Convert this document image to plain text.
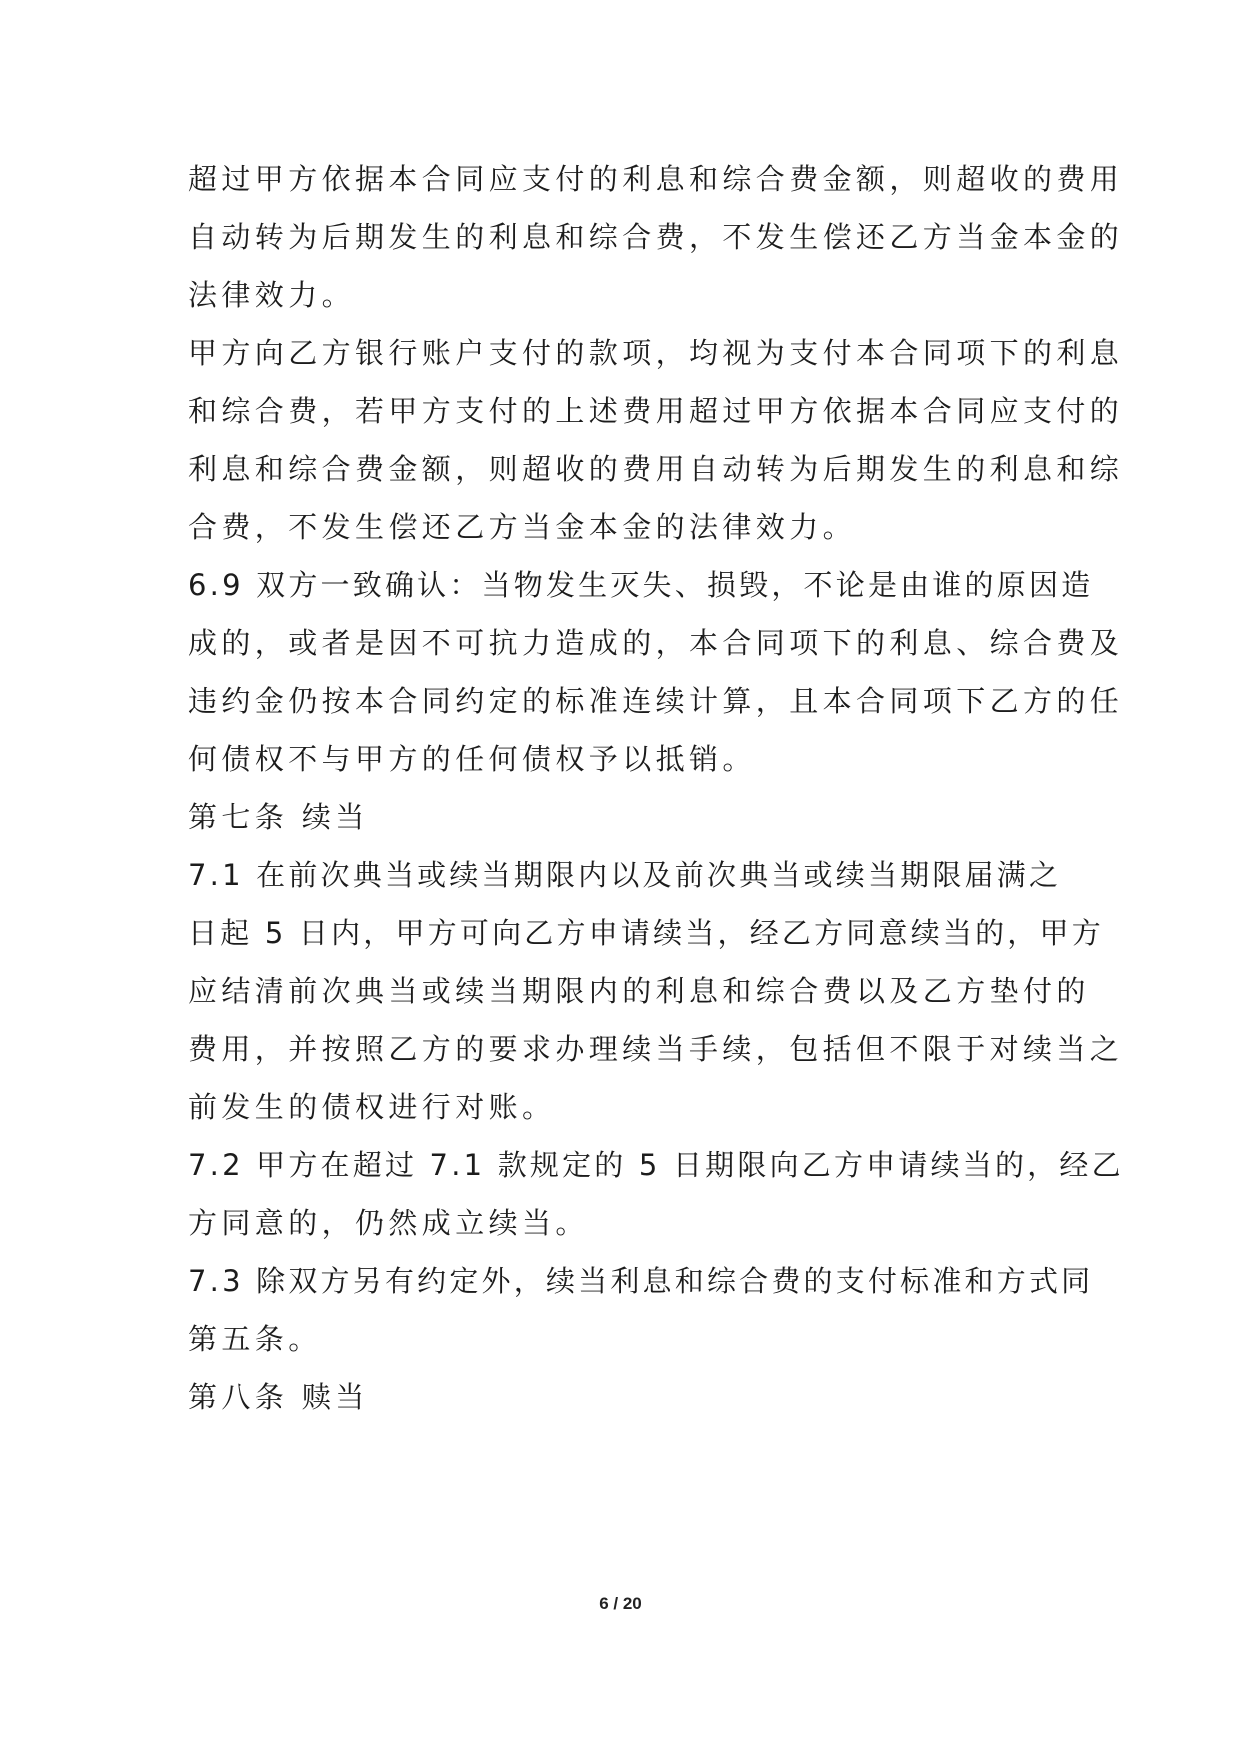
超过甲方依据本合同应支付的利息和综合费金额，则超收的费用
自动转为后期发生的利息和综合费，不发生偿还乙方当金本金的
法律效力。
甲方向乙方银行账户支付的款项，均视为支付本合同项下的利息
和综合费，若甲方支付的上述费用超过甲方依据本合同应支付的
利息和综合费金额，则超收的费用自动转为后期发生的利息和综
合费，不发生偿还乙方当金本金的法律效力。
6.9 双方一致确认：当物发生灭失、损毁，不论是由谁的原因造
成的，或者是因不可抗力造成的，本合同项下的利息、综合费及
违约金仍按本合同约定的标准连续计算，且本合同项下乙方的任
何债权不与甲方的任何债权予以抵销。
第七条 续当
7.1 在前次典当或续当期限内以及前次典当或续当期限届满之
日起 5 日内，甲方可向乙方申请续当，经乙方同意续当的，甲方
应结清前次典当或续当期限内的利息和综合费以及乙方垫付的
费用，并按照乙方的要求办理续当手续，包括但不限于对续当之
前发生的债权进行对账。
7.2 甲方在超过 7.1 款规定的 5 日期限向乙方申请续当的，经乙
方同意的，仍然成立续当。
7.3 除双方另有约定外，续当利息和综合费的支付标准和方式同
第五条。
第八条 赎当
6 / 20
